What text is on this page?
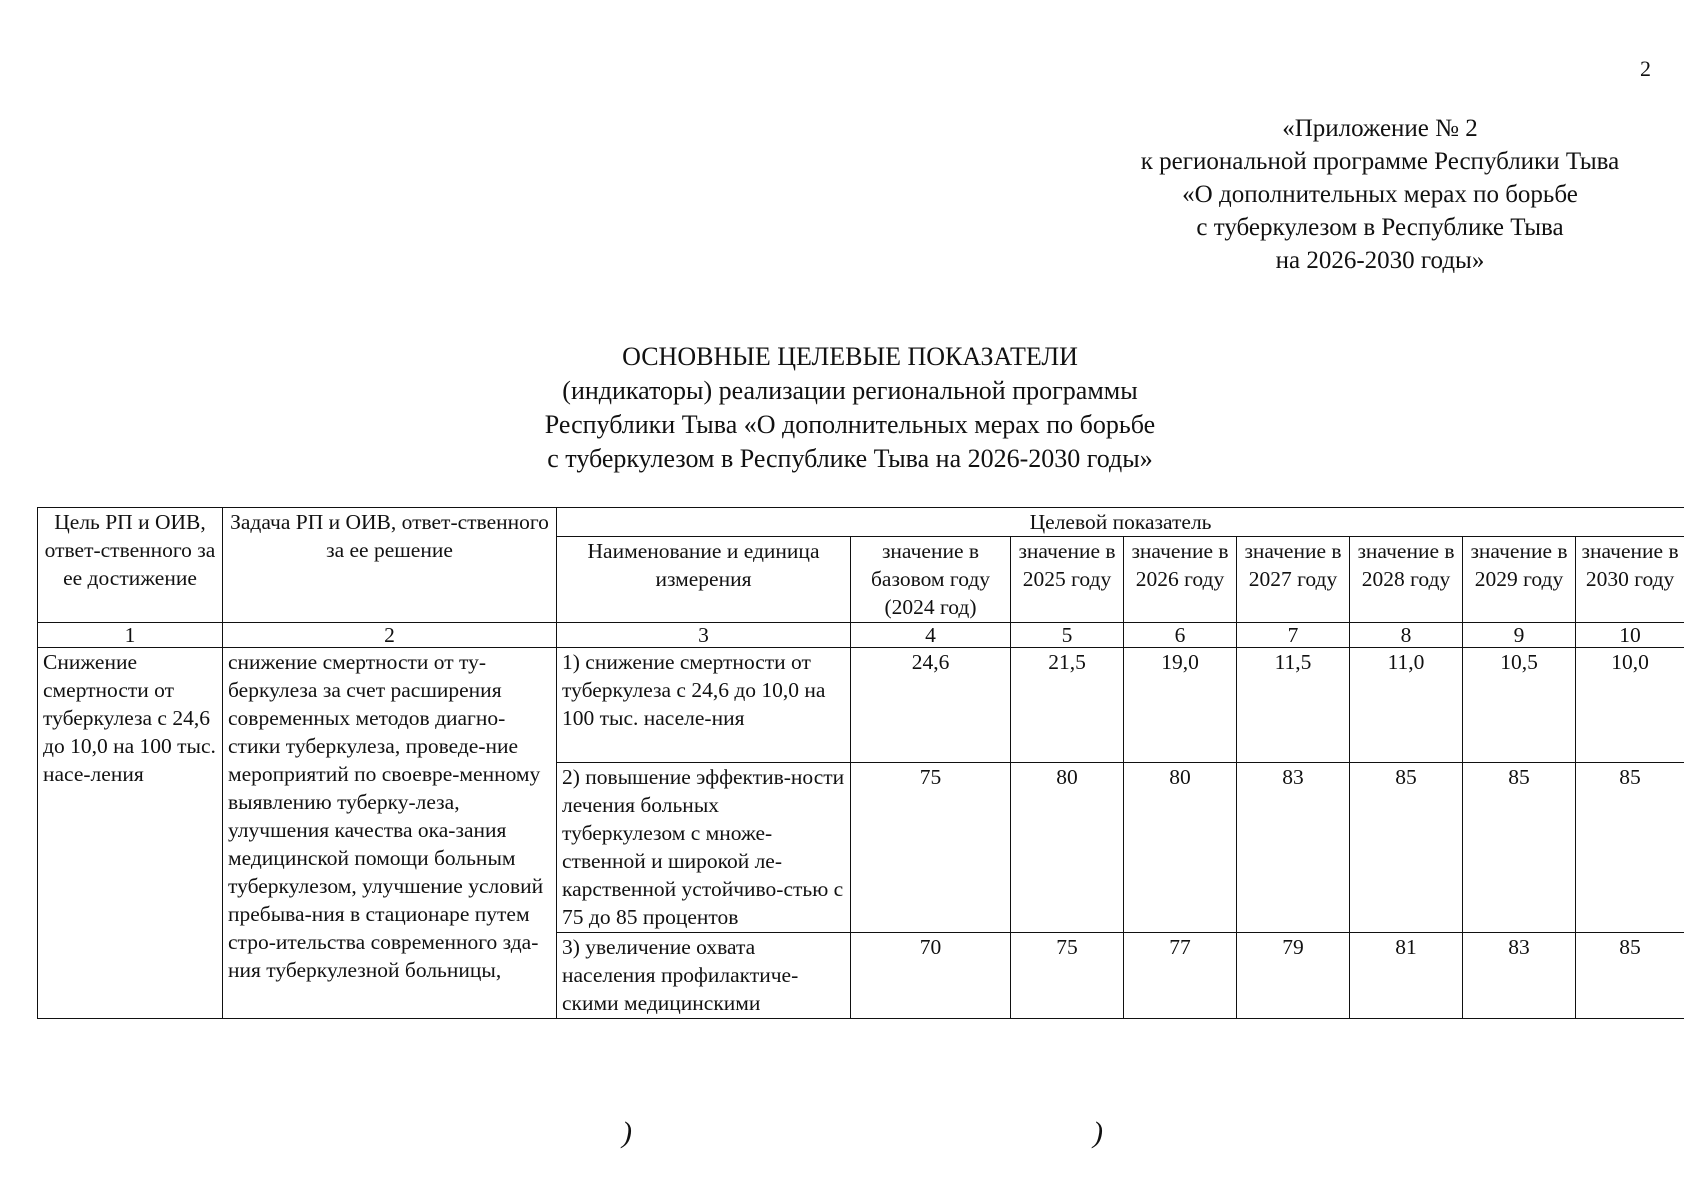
2
«Приложение № 2
к региональной программе Республики Тыва
«О дополнительных мерах по борьбе
с туберкулезом в Республике Тыва
на 2026-2030 годы»
ОСНОВНЫЕ ЦЕЛЕВЫЕ ПОКАЗАТЕЛИ
(индикаторы) реализации региональной программы
Республики Тыва «О дополнительных мерах по борьбе
с туберкулезом в Республике Тыва на 2026-2030 годы»
Цель РП и ОИВ, ответ-ственного за ее достижение	Задача РП и ОИВ, ответ-ственного за ее решение	Целевой показатель							
		Наименование и единица измерения	значение в базовом году (2024 год)	значение в 2025 году	значение в 2026 году	значение в 2027 году	значение в 2028 году	значение в 2029 году	значение в 2030 году
1	2	3	4	5	6	7	8	9	10
Снижение смертности от туберкулеза с 24,6 до 10,0 на 100 тыс. насе-ления	снижение смертности от ту-беркулеза за счет расширения современных методов диагно-стики туберкулеза, проведе-ние мероприятий по своевре-менному выявлению туберку-леза, улучшения качества ока-зания медицинской помощи больным туберкулезом, улучшение условий пребыва-ния в стационаре путем стро-ительства современного зда-ния туберкулезной больницы,	1) снижение смертности от туберкулеза с 24,6 до 10,0 на 100 тыс. населе-ния	24,6	21,5	19,0	11,5	11,0	10,5	10,0
		2) повышение эффектив-ности лечения больных туберкулезом с множе-ственной и широкой ле-карственной устойчиво-стью с 75 до 85 процентов	75	80	80	83	85	85	85
		3) увеличение охвата населения профилактиче-скими медицинскими	70	75	77	79	81	83	85
)	)
